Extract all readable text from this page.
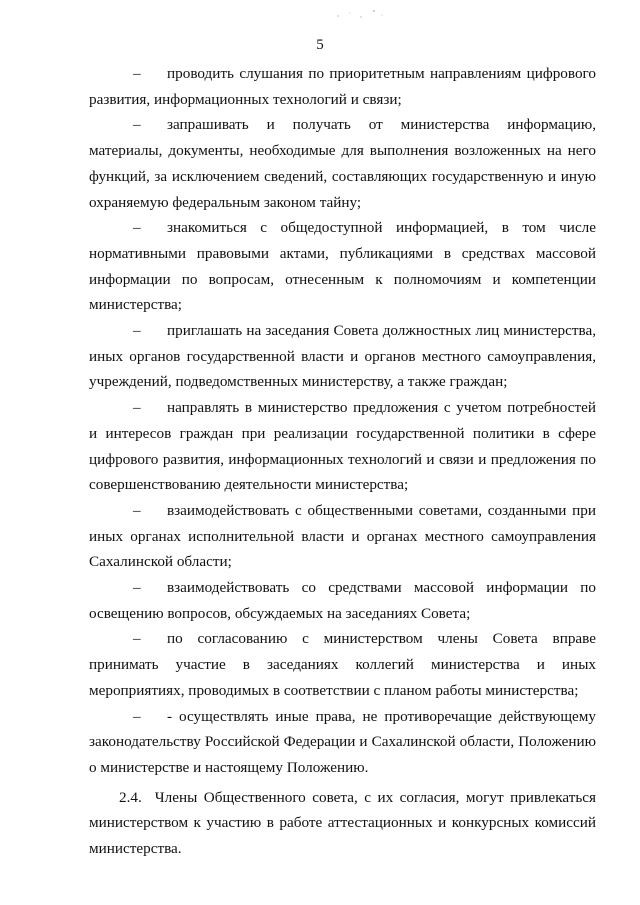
5

– проводить слушания по приоритетным направлениям цифрового развития, информационных технологий и связи;

– запрашивать и получать от министерства информацию, материалы, документы, необходимые для выполнения возложенных на него функций, за исключением сведений, составляющих государственную и иную охраняемую федеральным законом тайну;

– знакомиться с общедоступной информацией, в том числе нормативными правовыми актами, публикациями в средствах массовой информации по вопросам, отнесенным к полномочиям и компетенции министерства;

– приглашать на заседания Совета должностных лиц министерства, иных органов государственной власти и органов местного самоуправления, учреждений, подведомственных министерству, а также граждан;

– направлять в министерство предложения с учетом потребностей и интересов граждан при реализации государственной политики в сфере цифрового развития, информационных технологий и связи и предложения по совершенствованию деятельности министерства;

– взаимодействовать с общественными советами, созданными при иных органах исполнительной власти и органах местного самоуправления Сахалинской области;

– взаимодействовать со средствами массовой информации по освещению вопросов, обсуждаемых на заседаниях Совета;

– по согласованию с министерством члены Совета вправе принимать участие в заседаниях коллегий министерства и иных мероприятиях, проводимых в соответствии с планом работы министерства;

– - осуществлять иные права, не противоречащие действующему законодательству Российской Федерации и Сахалинской области, Положению о министерстве и настоящему Положению.

2.4. Члены Общественного совета, с их согласия, могут привлекаться министерством к участию в работе аттестационных и конкурсных комиссий министерства.
